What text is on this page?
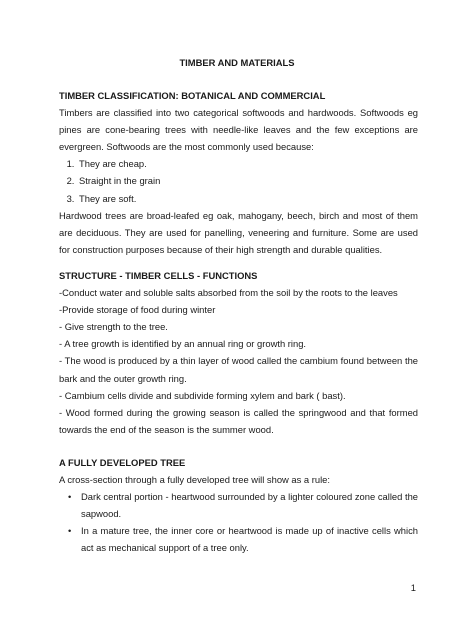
TIMBER AND MATERIALS

TIMBER CLASSIFICATION: BOTANICAL AND COMMERCIAL

Timbers are classified into two categorical softwoods and hardwoods. Softwoods eg pines are cone-bearing trees with needle-like leaves and the few exceptions are evergreen. Softwoods are the most commonly used because:

1. They are cheap.
2. Straight in the grain
3. They are soft.

Hardwood trees are broad-leafed eg oak, mahogany, beech, birch and most of them are deciduous. They are used for panelling, veneering and furniture. Some are used for construction purposes because of their high strength and durable qualities.

STRUCTURE - TIMBER CELLS - FUNCTIONS

-Conduct water and soluble salts absorbed from the soil by the roots to the leaves

-Provide storage of food during winter

- Give strength to the tree.

- A tree growth is identified by an annual ring or growth ring.

- The wood is produced by a thin layer of wood called the cambium found between the bark and the outer growth ring.

- Cambium cells divide and subdivide forming xylem and bark ( bast).

- Wood formed during the growing season is called the springwood and that formed towards the end of the season is the summer wood.

A FULLY DEVELOPED TREE

A cross-section through a fully developed tree will show as a rule:

• Dark central portion - heartwood surrounded by a lighter coloured zone called the sapwood.
• In a mature tree, the inner core or heartwood is made up of inactive cells which act as mechanical support of a tree only.

1
